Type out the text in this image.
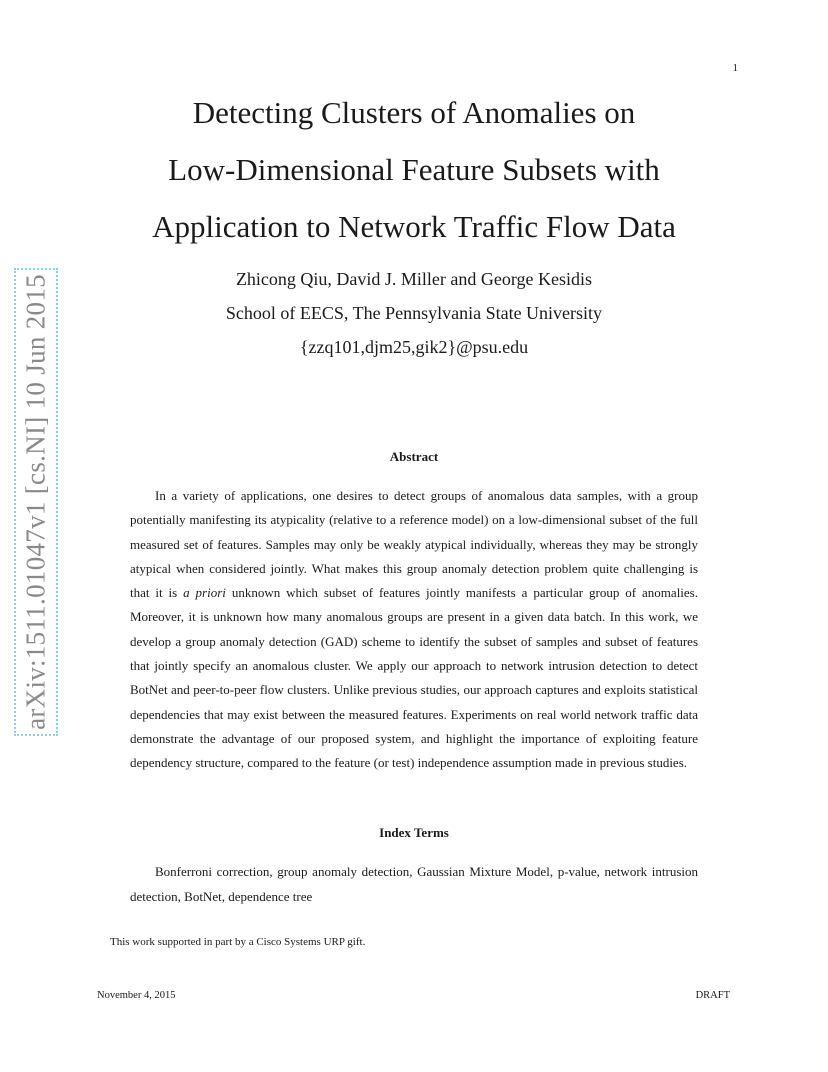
1
arXiv:1511.01047v1 [cs.NI] 10 Jun 2015
Detecting Clusters of Anomalies on
Low-Dimensional Feature Subsets with
Application to Network Traffic Flow Data
Zhicong Qiu, David J. Miller and George Kesidis
School of EECS, The Pennsylvania State University
{zzq101,djm25,gik2}@psu.edu
Abstract

In a variety of applications, one desires to detect groups of anomalous data samples, with a group potentially manifesting its atypicality (relative to a reference model) on a low-dimensional subset of the full measured set of features. Samples may only be weakly atypical individually, whereas they may be strongly atypical when considered jointly. What makes this group anomaly detection problem quite challenging is that it is a priori unknown which subset of features jointly manifests a particular group of anomalies. Moreover, it is unknown how many anomalous groups are present in a given data batch. In this work, we develop a group anomaly detection (GAD) scheme to identify the subset of samples and subset of features that jointly specify an anomalous cluster. We apply our approach to network intrusion detection to detect BotNet and peer-to-peer flow clusters. Unlike previous studies, our approach captures and exploits statistical dependencies that may exist between the measured features. Experiments on real world network traffic data demonstrate the advantage of our proposed system, and highlight the importance of exploiting feature dependency structure, compared to the feature (or test) independence assumption made in previous studies.

Index Terms

Bonferroni correction, group anomaly detection, Gaussian Mixture Model, p-value, network intrusion detection, BotNet, dependence tree

This work supported in part by a Cisco Systems URP gift.
November 4, 2015	DRAFT
